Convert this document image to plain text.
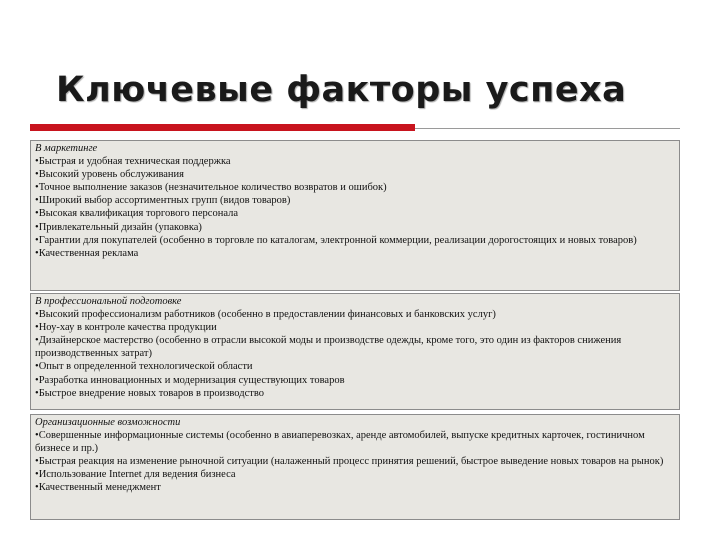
Ключевые факторы успеха
В маркетинге
• Быстрая и удобная техническая поддержка
• Высокий уровень обслуживания
• Точное выполнение заказов (незначительное количество возвратов и ошибок)
• Широкий выбор ассортиментных групп (видов товаров)
• Высокая квалификация торгового персонала
• Привлекательный дизайн (упаковка)
• Гарантии для покупателей (особенно в торговле по каталогам, электронной коммерции, реализации дорогостоящих и новых товаров)
• Качественная реклама
В профессиональной подготовке
• Высокий профессионализм работников (особенно в предоставлении финансовых и банковских услуг)
• Ноу-хау в контроле качества продукции
• Дизайнерское мастерство (особенно в отрасли высокой моды и производстве одежды, кроме того, это один из факторов снижения производственных затрат)
• Опыт в определенной технологической области
• Разработка инновационных и модернизация существующих товаров
• Быстрое внедрение новых товаров в производство
Организационные возможности
• Совершенные информационные системы (особенно в авиаперевозках, аренде автомобилей, выпуске кредитных карточек, гостиничном бизнесе и пр.)
• Быстрая реакция на изменение рыночной ситуации (налаженный процесс принятия решений, быстрое выведение новых товаров на рынок)
• Использование Internet для ведения бизнеса
• Качественный менеджмент
